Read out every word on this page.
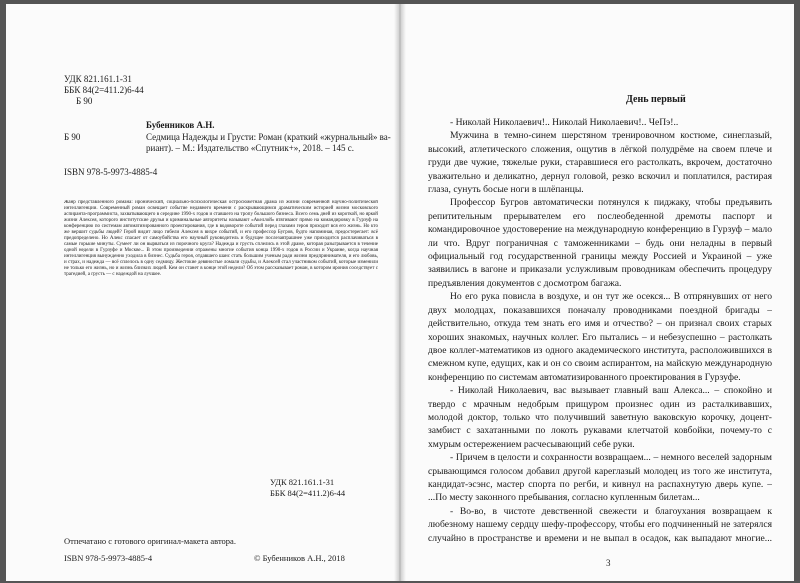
УДК 821.161.1-31
ББК 84(2=411.2)6-44
Б 90
Бубенников А.Н.
Б 90	Седмица Надежды и Грусти: Роман (краткий «журнальный» ва-
риант). – М.: Издательство «Спутник+», 2018. – 145 с.
ISBN 978-5-9973-4885-4
Жанр представленного романа: иронический, социально-психологическая остросюжетная драма из жизни современной научно-политической интеллигенции. Современный роман освещает событие недавнего времени с раскрывающимся драматическим историей жизни московского аспиранта-программиста, захватывающего в середине 1990-х годов и ставшего на тропу большого бизнеса. Всего семь дней из короткой, но яркой жизни Алексея, которого институтские друзья и криминальные авторитеты называют «Акеллой» втягивают прямо на командировку в Гурзуф на конференцию по системам автоматизированного проектирования, где в водовороте событий перед глазами героя проходит вся его жизнь. Но кто же вершит судьбы людей? Герой видит лицо гибели Алексея в вихре событий, и его профессор Бугров, будто напоминая, предостерегает: всё предопределено. Но Алекс спасает от самоубийства его научный руководитель и будущее послезавтрашнее уже приходится расплачиваться в самые горькие минуты. Сумеет ли он вырваться из порочного круга? Надежда и грусть сплелись в этой драме, которая разыгрывается в течение одной недели в Гурзуфе и Москве... В этом произведении отражены многие события конца 1990-х годов в России и Украине, когда научная интеллигенция вынужденно уходила в бизнес. Судьба героя, отдавшего шанс стать большим ученым ради жизни предпринимателя, и его любовь, и страх, и надежда — всё сплелось в одну седмицу. Жестокие девяностые ломали судьбы, и Алексей стал участником событий, которые изменили не только его жизнь, но и жизнь близких людей. Кем он станет в конце этой недели? Об этом рассказывает роман, в котором ирония соседствует с трагедией, а грусть — с надеждой на лучшее.
УДК 821.161.1-31
ББК 84(2=411.2)6-44
Отпечатано с готового оригинал-макета автора.
ISBN 978-5-9973-4885-4	© Бубенников А.Н., 2018
День первый

- Николай Николаевич!.. Николай Николаевич!.. ЧеПэ!..

Мужчина в темно-синем шерстяном тренировочном костюме, синеглазый, высокий, атлетического сложения, ощутив в лёгкой полудрёме на своем плече и груди две чужие, тяжелые руки, старавшиеся его растолкать, вкрочем, достаточно уважительно и деликатно, дернул головой, резко вскочил и поплатился, растирая глаза, сунуть босые ноги в шлёпанцы.

Профессор Бугров автоматически потянулся к пиджаку, чтобы предъявить репитительным прерывателем его послеобеденной дремоты паспорт и командировочное удостоверение на международную конференцию в Гурзуф – мало ли что. Вдруг пограничная с таможенниками – будь они неладны в первый официальный год государственной границы между Россией и Украиной – уже заявились в вагоне и приказали услужливым проводникам обеспечить процедуру предъявления документов с досмотром багажа.

Но его рука повисла в воздухе, и он тут же осекся... В отпрянувших от него двух молодцах, показавшихся поначалу проводниками поездной бригады – действительно, откуда тем знать его имя и отчество? – он признал своих старых хороших знакомых, научных коллег. Его пытались – и небезуспешно – растолкать двое коллег-математиков из одного академического института, расположившихся в смежном купе, едущих, как и он со своим аспирантом, на майскую международную конференцию по системам автоматизированного проектирования в Гурзуфе.

- Николай Николаевич, вас вызывает главный ваш Алекса... – спокойно и твердо с мрачным недобрым прищуром произнес один из расталкивавших, молодой доктор, только что получивший заветную ваковскую корочку, доцент-замбист с захатанными по локоть рукавами клетчатой ковбойки, почему-то с хмурым остережением расчесывающий себе руки.

- Причем в целости и сохранности возвращаем... – немного веселей задорным срывающимся голосом добавил другой кареглазый молодец из того же института, кандидат-эсэнс, мастер спорта по регби, и кивнул на распахнутую дверь купе. – ...По месту законного пребывания, согласно купленным билетам...

- Во-во, в чистоте девственной свежести и благоухания возвращаем к любезному нашему сердцу шефу-профессору, чтобы его подчиненный не затерялся случайно в пространстве и времени и не выпал в осадок, как выпадают многие...

3
